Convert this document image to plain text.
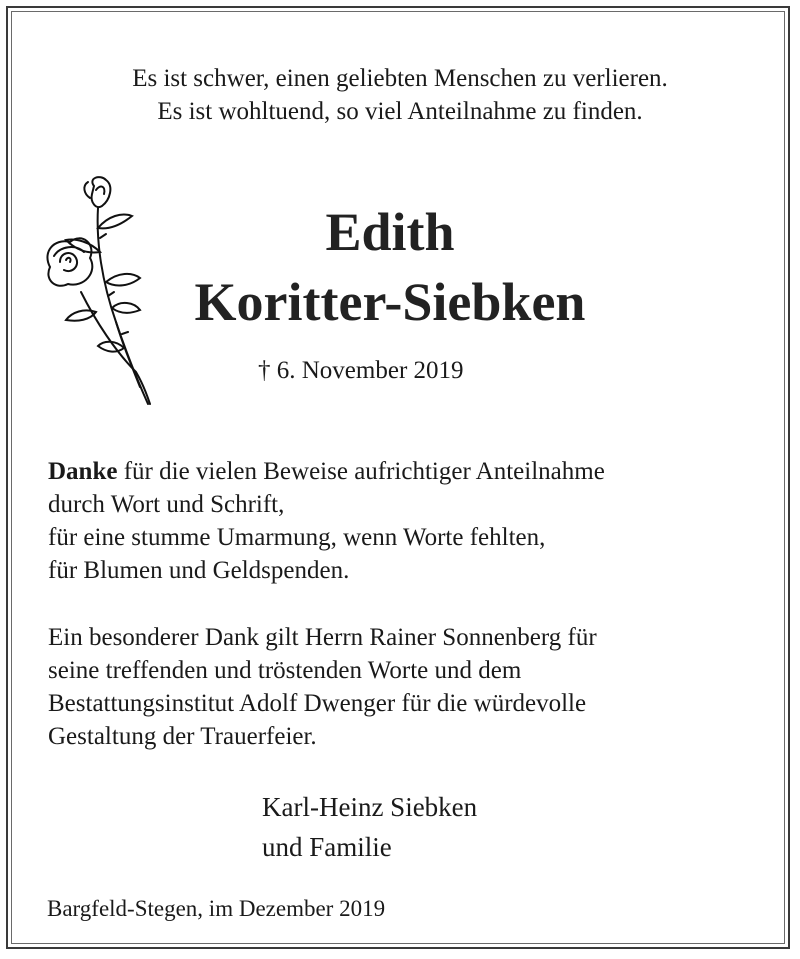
Es ist schwer, einen geliebten Menschen zu verlieren.
Es ist wohltuend, so viel Anteilnahme zu finden.
Edith
Koritter-Siebken
† 6. November 2019
Danke für die vielen Beweise aufrichtiger Anteilnahme
durch Wort und Schrift,
für eine stumme Umarmung, wenn Worte fehlten,
für Blumen und Geldspenden.
Ein besonderer Dank gilt Herrn Rainer Sonnenberg für
seine treffenden und tröstenden Worte und dem
Bestattungsinstitut Adolf Dwenger für die würdevolle
Gestaltung der Trauerfeier.
Karl-Heinz Siebken
und Familie
Bargfeld-Stegen, im Dezember 2019
